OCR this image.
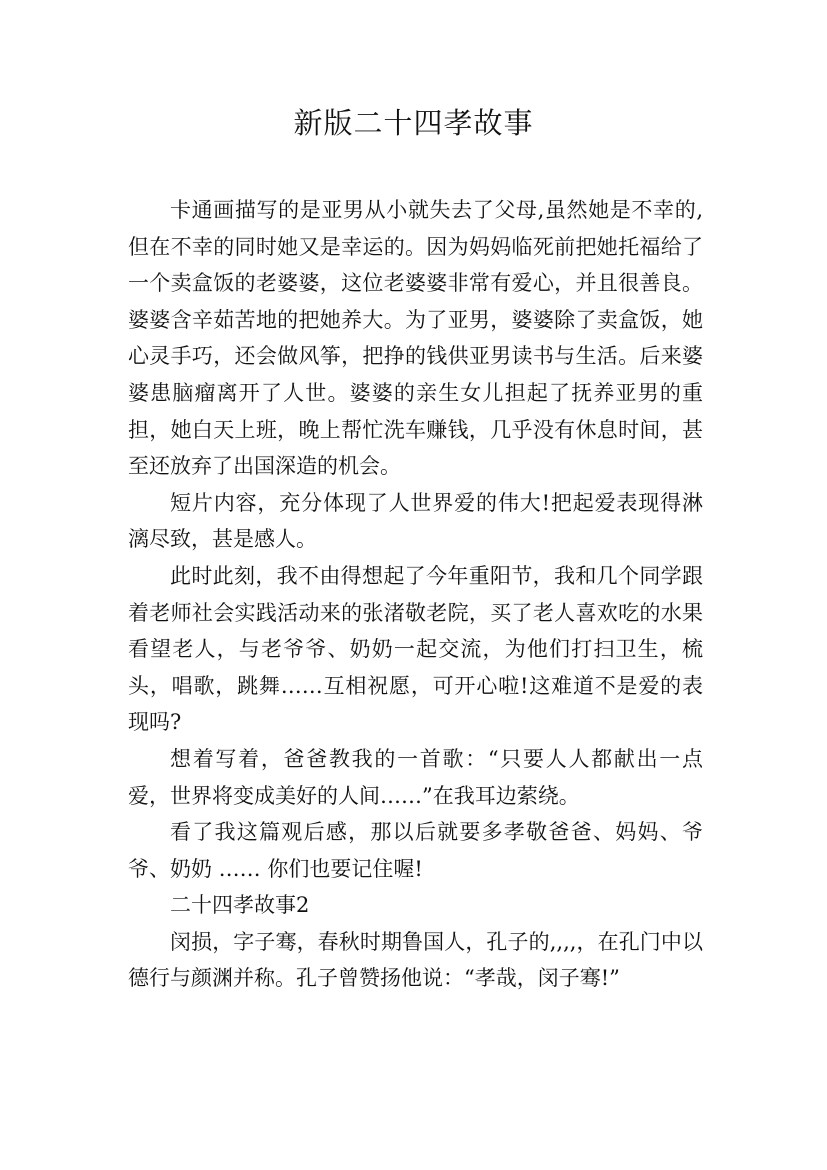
新版二十四孝故事

卡通画描写的是亚男从小就失去了父母,虽然她是不幸的,但在不幸的同时她又是幸运的。因为妈妈临死前把她托福给了一个卖盒饭的老婆婆，这位老婆婆非常有爱心，并且很善良。婆婆含辛茹苦地的把她养大。为了亚男，婆婆除了卖盒饭，她心灵手巧，还会做风筝，把挣的钱供亚男读书与生活。后来婆婆患脑瘤离开了人世。婆婆的亲生女儿担起了抚养亚男的重担，她白天上班，晚上帮忙洗车赚钱，几乎没有休息时间，甚至还放弃了出国深造的机会。

短片内容，充分体现了人世界爱的伟大!把起爱表现得淋漓尽致，甚是感人。

此时此刻，我不由得想起了今年重阳节，我和几个同学跟着老师社会实践活动来的张渚敬老院，买了老人喜欢吃的水果看望老人，与老爷爷、奶奶一起交流，为他们打扫卫生，梳头，唱歌，跳舞……互相祝愿，可开心啦!这难道不是爱的表现吗?

想着写着，爸爸教我的一首歌：“只要人人都献出一点爱，世界将变成美好的人间……”在我耳边萦绕。

看了我这篇观后感，那以后就要多孝敬爸爸、妈妈、爷爷、奶奶 …… 你们也要记住喔!

二十四孝故事2

闵损，字子骞，春秋时期鲁国人，孔子的,,,,，在孔门中以德行与颜渊并称。孔子曾赞扬他说：“孝哉，闵子骞!”
